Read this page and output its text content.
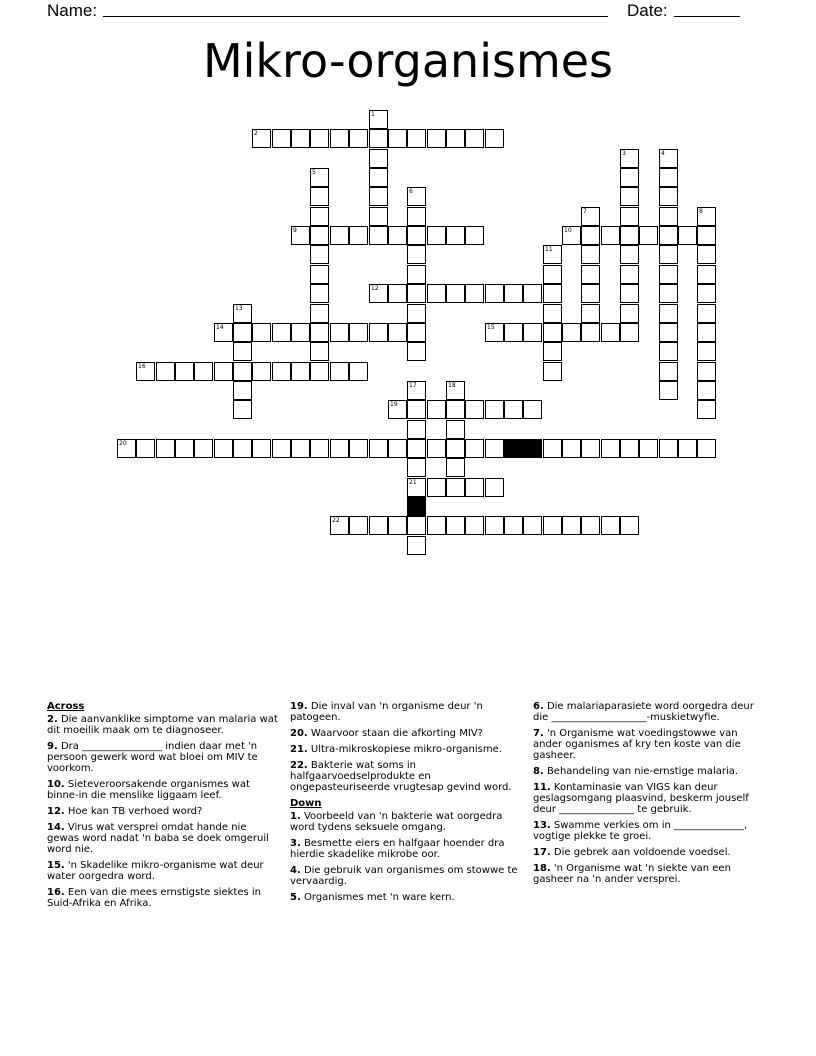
Name:	Date:
Mikro-organismes
1
2
3	4
5
6
7	8
9	10
11
12
13
14	15
16
17
21
18
19
20
22
Across
2. Die aanvanklike simptome van malaria wat dit moeilik maak om te diagnoseer.
9. Dra ________________ indien daar met 'n persoon gewerk word wat bloei om MIV te voorkom.
10. Sieteveroorsakende organismes wat binne-in die menslike liggaam leef.
12. Hoe kan TB verhoed word?
14. Virus wat versprei omdat hande nie gewas word nadat 'n baba se doek omgeruil word nie.
15. 'n Skadelike mikro-organisme wat deur water oorgedra word.
16. Een van die mees ernstigste siektes in Suid-Afrika en Afrika.
19. Die inval van 'n organisme deur 'n patogeen.
20. Waarvoor staan die afkorting MIV?
21. Ultra-mikroskopiese mikro-organisme.
22. Bakterie wat soms in halfgaarvoedselprodukte en ongepasteuriseerde vrugtesap gevind word.
Down
1. Voorbeeld van 'n bakterie wat oorgedra word tydens seksuele omgang.
3. Besmette eiers en halfgaar hoender dra hierdie skadelike mikrobe oor.
4. Die gebruik van organismes om stowwe te vervaardig.
5. Organismes met 'n ware kern.
6. Die malariaparasiete word oorgedra deur die ___________________-muskietwyfie.
7. 'n Organisme wat voedingstowwe van ander oganismes af kry ten koste van die gasheer.
8. Behandeling van nie-ernstige malaria.
11. Kontaminasie van VIGS kan deur geslagsomgang plaasvind, beskerm jouself deur _______________ te gebruik.
13. Swamme verkies om in ______________, vogtige plekke te groei.
17. Die gebrek aan voldoende voedsel.
18. 'n Organisme wat 'n siekte van een gasheer na 'n ander versprei.
